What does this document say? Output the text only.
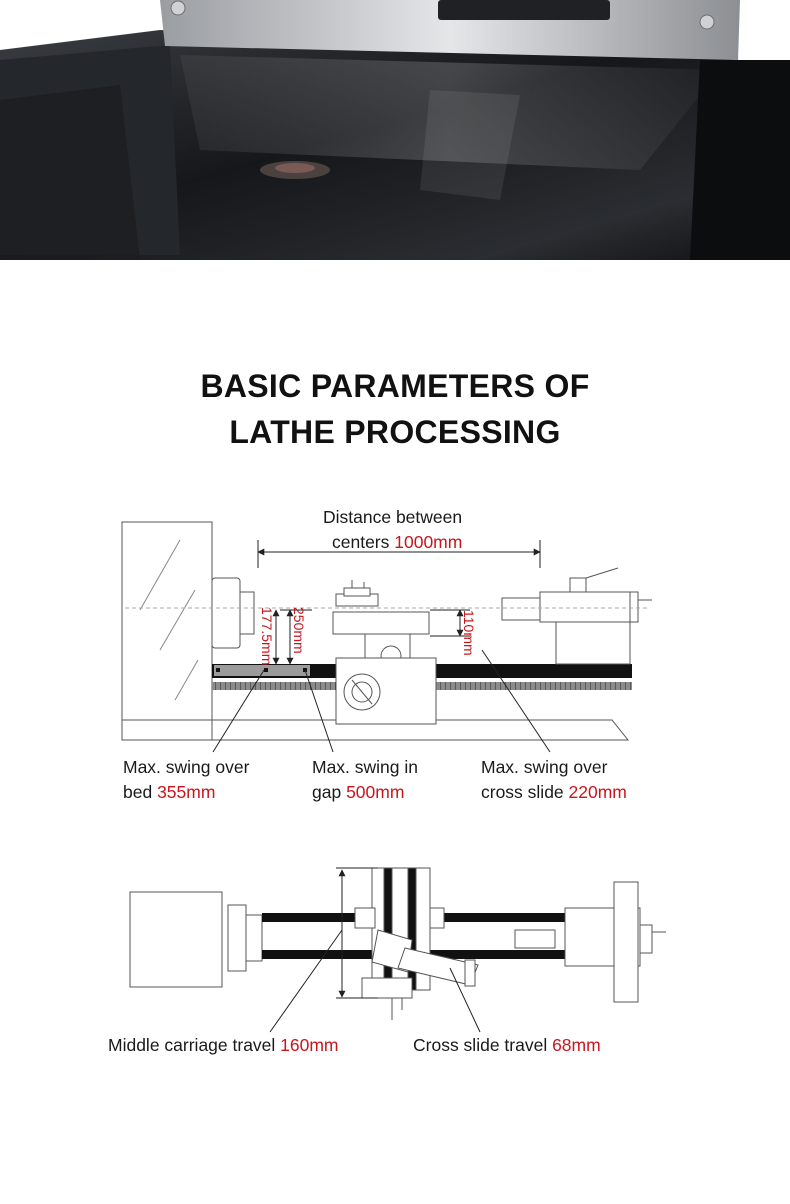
BASIC PARAMETERS OF
LATHE PROCESSING
177.5mm 250mm	110mm
Distance between
centers 1000mm
Max. swing over
bed 355mm
Max. swing in
gap 500mm
Max. swing over
cross slide 220mm
Middle carriage travel 160mm	Cross slide travel 68mm
